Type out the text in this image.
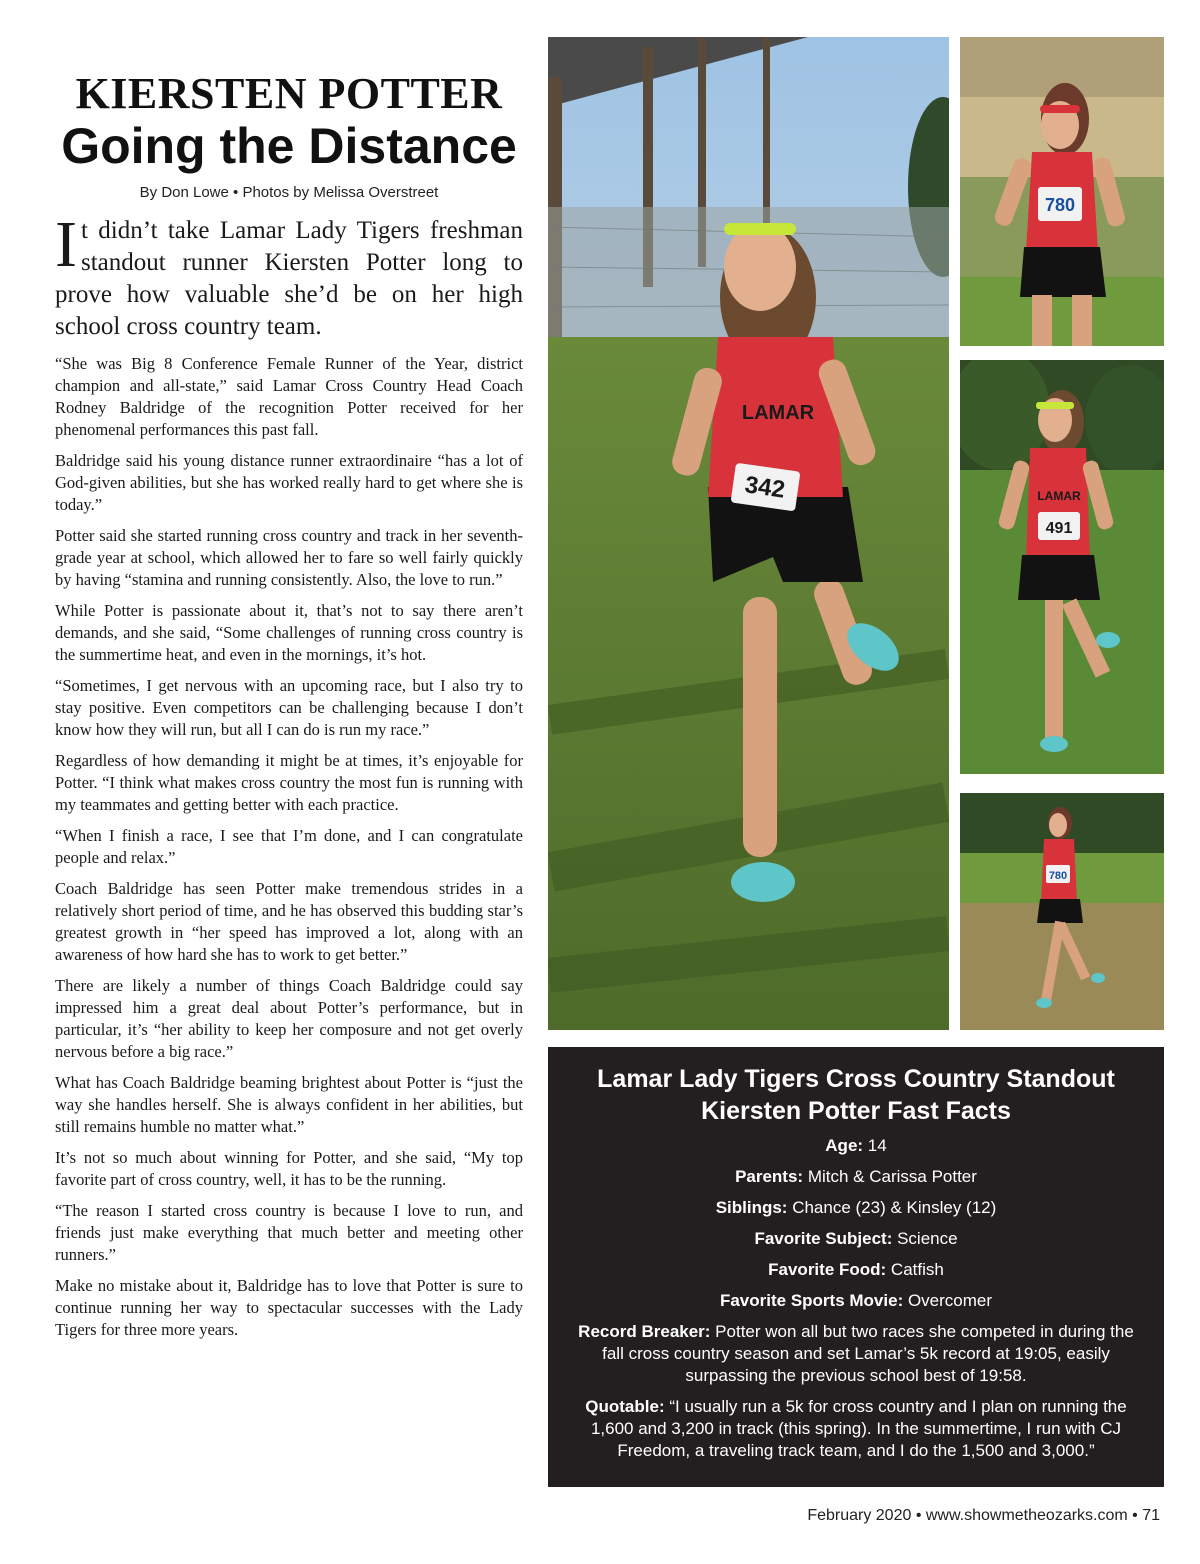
KIERSTEN POTTER
Going the Distance
By Don Lowe • Photos by Melissa Overstreet

It didn’t take Lamar Lady Tigers freshman standout runner Kiersten Potter long to prove how valuable she’d be on her high school cross country team.

“She was Big 8 Conference Female Runner of the Year, district champion and all-state,” said Lamar Cross Country Head Coach Rodney Baldridge of the recognition Potter received for her phenomenal performances this past fall.

Baldridge said his young distance runner extraordinaire “has a lot of God-given abilities, but she has worked really hard to get where she is today.”

Potter said she started running cross country and track in her seventh-grade year at school, which allowed her to fare so well fairly quickly by having “stamina and running consistently. Also, the love to run.”

While Potter is passionate about it, that’s not to say there aren’t demands, and she said, “Some challenges of running cross country is the summertime heat, and even in the mornings, it’s hot.

“Sometimes, I get nervous with an upcoming race, but I also try to stay positive. Even competitors can be challenging because I don’t know how they will run, but all I can do is run my race.”

Regardless of how demanding it might be at times, it’s enjoyable for Potter. “I think what makes cross country the most fun is running with my teammates and getting better with each practice.

“When I finish a race, I see that I’m done, and I can congratulate people and relax.”

Coach Baldridge has seen Potter make tremendous strides in a relatively short period of time, and he has observed this budding star’s greatest growth in “her speed has improved a lot, along with an awareness of how hard she has to work to get better.”

There are likely a number of things Coach Baldridge could say impressed him a great deal about Potter’s performance, but in particular, it’s “her ability to keep her composure and not get overly nervous before a big race.”

What has Coach Baldridge beaming brightest about Potter is “just the way she handles herself. She is always confident in her abilities, but still remains humble no matter what.”

It’s not so much about winning for Potter, and she said, “My top favorite part of cross country, well, it has to be the running.

“The reason I started cross country is because I love to run, and friends just make everything that much better and meeting other runners.”

Make no mistake about it, Baldridge has to love that Potter is sure to continue running her way to spectacular successes with the Lady Tigers for three more years.

342
LAMAR
780
491
LAMAR
780
Lamar Lady Tigers Cross Country Standout
Kiersten Potter Fast Facts
Age: 14
Parents: Mitch & Carissa Potter
Siblings: Chance (23) & Kinsley (12)
Favorite Subject: Science
Favorite Food: Catfish
Favorite Sports Movie: Overcomer
Record Breaker: Potter won all but two races she competed in during the fall cross country season and set Lamar’s 5k record at 19:05, easily surpassing the previous school best of 19:58.
Quotable: “I usually run a 5k for cross country and I plan on running the 1,600 and 3,200 in track (this spring). In the summertime, I run with CJ Freedom, a traveling track team, and I do the 1,500 and 3,000.”
February 2020 • www.showmetheozarks.com • 71
